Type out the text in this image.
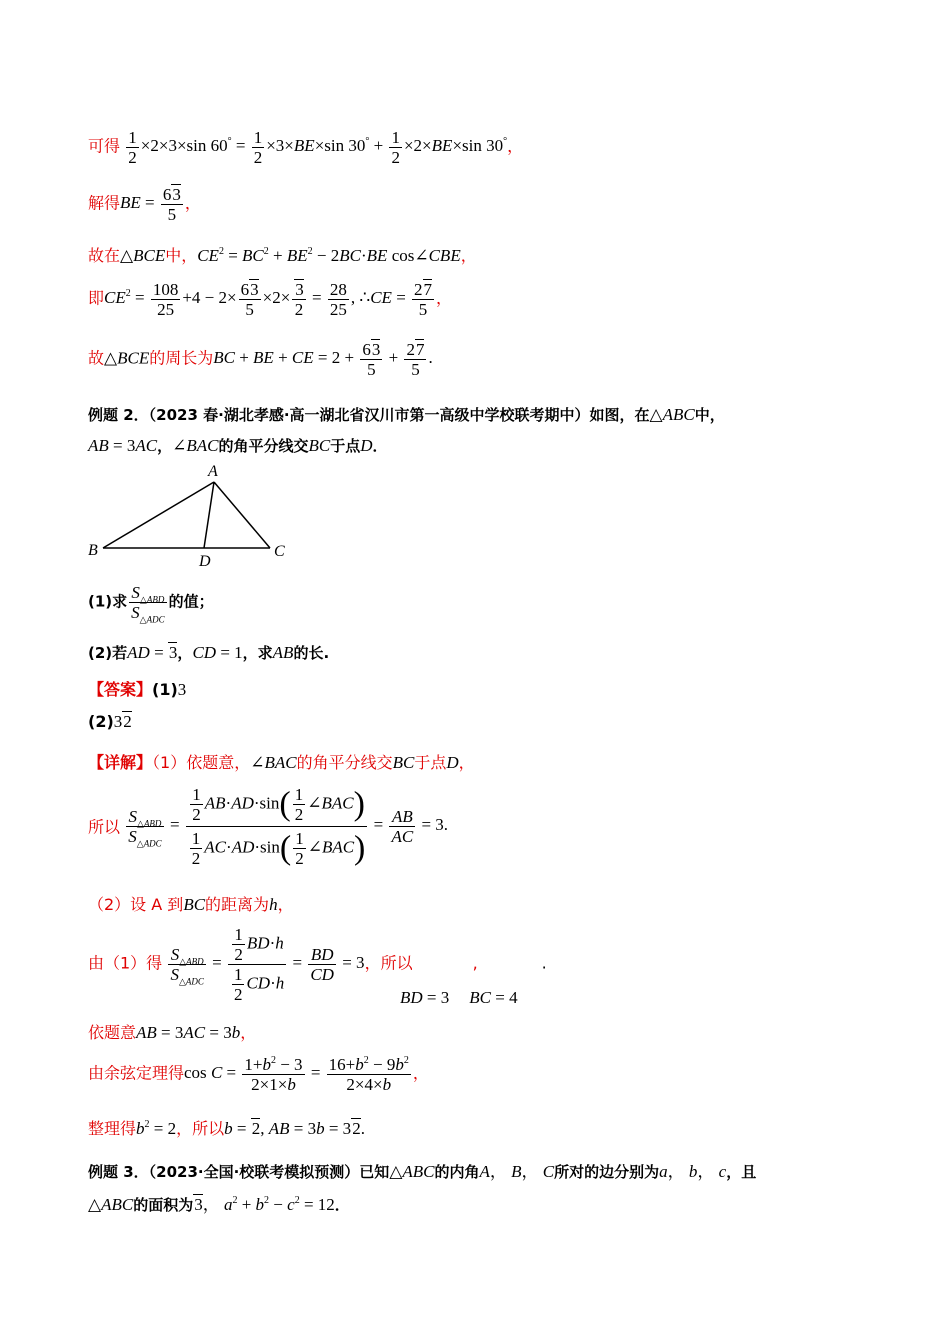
可得 $\frac{1}{2} \times 2\times 3\times\sin$ $60^\circ = \frac{1}{2} \times 3\times BE\times\sin$ $30^\circ + \frac{1}{2} \times 2\times BE\times\sin$ 30°，
解得BE = $\frac{63}{5}$ ，
故在△BCE中，$CE^2 = BC^2 + BE^2 - 2BC\cdot BE$ cos∠CBE，
即$CE^2 = \frac{108}{25} +4 - 2\times \frac{63}{5} \times 2\times \frac{3}{2} = \frac{28}{25}$ , ∴CE = $\frac{27}{5}$ ，
故△BCE的周长为BC + BE + CE = $2 + \frac{63}{5} + \frac{27}{5}$ .
例题 2．（2023 春·湖北孝感·高一湖北省汉川市第一高级中学校联考期中）如图，在△ABC中，
AB = 3AC，∠BAC的角平分线交BC于点D．
A
B	C
D
(1)求 $\frac{S_{\triangle ABD}}{S_{\triangle ADC}}$ 的值；
(2)若AD = 3，CD = 1，求AB的长.
【答案】(1)3
(2)32
【详解】（1）依题意，∠BAC的角平分线交BC于点D，
所以 $\frac{S_{\triangle ABD}}{S_{\triangle ADC}} = \frac{\frac{1}{2} AB\cdot AD\cdot\sin( \frac{1}{2} \angle BAC)}{\frac{1}{2} AC\cdot AD\cdot\sin( \frac{1}{2} \angle BAC)} = \frac{AB}{AC} = 3$.
（2）设 A 到BC的距离为h，
由（1）得 $\frac{S_{\triangle ABD}}{S_{\triangle ADC}} = \frac{\frac{1}{2} BD\cdot h}{\frac{1}{2} CD\cdot h} = \frac{BD}{CD} = 3$，所以	,	.
BD = 3 BC = 4
依题意AB = 3AC = 3b，
由余弦定理得$\cos C = \frac{1+b^2 - 3}{2\times 1\times b} = \frac{16+b^2 - 9b^2}{2\times 4\times b}$ ，
整理得$b^2 = 2$，所以b = 2, AB = 3b = 32.
例题 3．（2023·全国·校联考模拟预测）已知△ABC的内角A， B， C所对的边分别为a， b， c，且
△ABC的面积为3， $a^2 + b^2 - c^2 = 12$．
